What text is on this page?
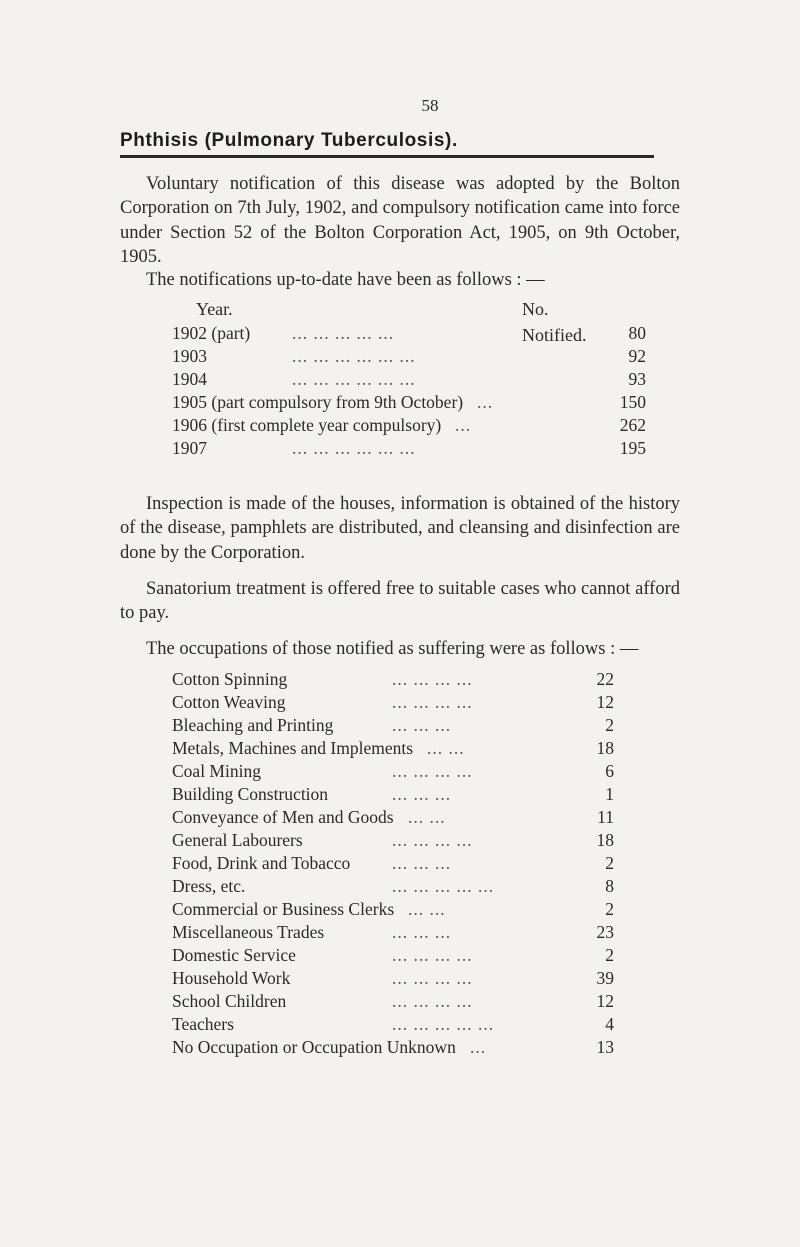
58
Phthisis (Pulmonary Tuberculosis).

Voluntary notification of this disease was adopted by the Bolton Corporation on 7th July, 1902, and compulsory notification came into force under Section 52 of the Bolton Corporation Act, 1905, on 9th October, 1905.

The notifications up-to-date have been as follows : —

Year.	No. Notified.
1902 (part) ... ... ... ... ...	80
1903	... ... ... ... ... ...	92
1904	... ... ... ... ... ...	93
1905 (part compulsory from 9th October) ...	150
1906 (first complete year compulsory) ...	262
1907	... ... ... ... ... ...	195

Inspection is made of the houses, information is obtained of the history of the disease, pamphlets are distributed, and cleansing and disinfection are done by the Corporation.

Sanatorium treatment is offered free to suitable cases who cannot afford to pay.

The occupations of those notified as suffering were as follows : —

Cotton Spinning	... ... ... ...	22
Cotton Weaving	... ... ... ...	12
Bleaching and Printing	... ... ...	2
Metals, Machines and Implements ... ...	18
Coal Mining	... ... ... ...	6
Building Construction	... ... ...	1
Conveyance of Men and Goods ... ...	11
General Labourers	... ... ... ...	18
Food, Drink and Tobacco ... ... ...	2
Dress, etc.	... ... ... ... ...	8
Commercial or Business Clerks ... ...	2
Miscellaneous Trades	... ... ...	23
Domestic Service	... ... ... ...	2
Household Work	... ... ... ...	39
School Children	... ... ... ...	12
Teachers	... ... ... ... ...	4
No Occupation or Occupation Unknown ...	13
